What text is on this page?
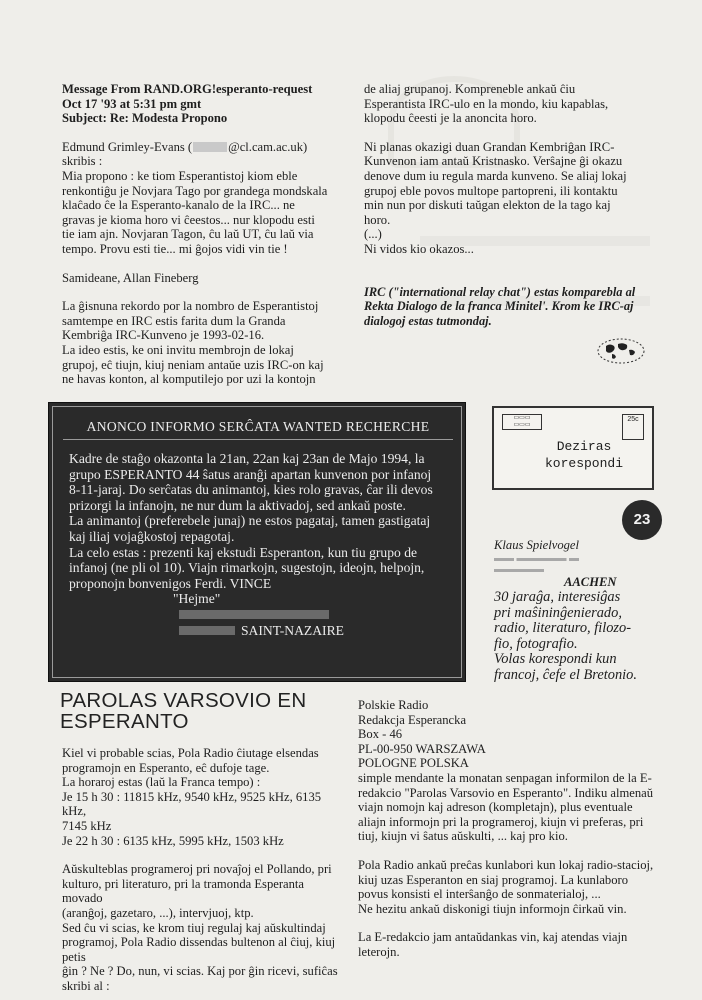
Message From RAND.ORG!esperanto-request

Oct 17 '93 at 5:31 pm gmt

Subject: Re: Modesta Propono

Edmund Grimley-Evans (	@cl.cam.ac.uk)

skribis :

Mia propono : ke tiom Esperantistoj kiom eble

renkontiĝu je Novjara Tago por grandega mondskala

klaĉado ĉe la Esperanto-kanalo de la IRC... ne

gravas je kioma horo vi ĉeestos... nur klopodu esti

tie iam ajn. Novjaran Tagon, ĉu laŭ UT, ĉu laŭ via

tempo. Provu esti tie... mi ĝojos vidi vin tie !

Samideane, Allan Fineberg

La ĝisnuna rekordo por la nombro de Esperantistoj

samtempe en IRC estis farita dum la Granda

Kembriĝa IRC-Kunveno je 1993-02-16.

La ideo estis, ke oni invitu membrojn de lokaj

grupoj, eĉ tiujn, kiuj neniam antaŭe uzis IRC-on kaj

ne havas konton, al komputilejo por uzi la kontojn

de aliaj grupanoj. Kompreneble ankaŭ ĉiu

Esperantista IRC-ulo en la mondo, kiu kapablas,

klopodu ĉeesti je la anoncita horo.

Ni planas okazigi duan Grandan Kembriĝan IRC-

Kunvenon iam antaŭ Kristnasko. Verŝajne ĝi okazu

denove dum iu regula marda kunveno. Se aliaj lokaj

grupoj eble povos multope partopreni, ili kontaktu

min nun por diskuti taŭgan elekton de la tago kaj

horo.

(...)

Ni vidos kio okazos...

IRC ("international relay chat") estas komparebla al

Rekta Dialogo de la franca Minitel'. Krom ke IRC-aj

dialogoj estas tutmondaj.

ANONCO INFORMO SERĈATA WANTED RECHERCHE

Kadre de staĝo okazonta la 21an, 22an kaj 23an de Majo 1994, la

grupo ESPERANTO 44 ŝatus aranĝi apartan kunvenon por infanoj

8-11-jaraj. Do serĉatas du animantoj, kies rolo gravas, ĉar ili devos

prizorgi la infanojn, ne nur dum la aktivadoj, sed ankaŭ poste.

La animantoj (preferebele junaj) ne estos pagataj, tamen gastigataj

kaj iliaj vojaĝkostoj repagotaj.

La celo estas : prezenti kaj ekstudi Esperanton, kun tiu grupo de

infanoj (ne pli ol 10). Viajn rimarkojn, sugestojn, ideojn, helpojn,

proponojn bonvenigos Ferdi. VINCE

"Hejme"

SAINT-NAZAIRE

▭▭▭
▭▭▭
25c
Deziras
korespondi
23

Klaus Spielvogel

▬▬ ▬▬▬▬▬ ▬

▬▬▬▬▬

AACHEN

30 jaraĝa, interesiĝas

pri maŝininĝenierado,

radio, literaturo, filozo-

fio, fotografio.

Volas korespondi kun

francoj, ĉefe el Bretonio.

PAROLAS VARSOVIO EN
ESPERANTO

Kiel vi probable scias, Pola Radio ĉiutage elsendas

programojn en Esperanto, eĉ dufoje tage.

La horaroj estas (laŭ la Franca tempo) :

Je 15 h 30 : 11815 kHz, 9540 kHz, 9525 kHz, 6135 kHz,

7145 kHz

Je 22 h 30 : 6135 kHz, 5995 kHz, 1503 kHz

Aŭskulteblas programeroj pri novaĵoj el Pollando, pri

kulturo, pri literaturo, pri la tramonda Esperanta movado

(aranĝoj, gazetaro, ...), intervjuoj, ktp.

Sed ĉu vi scias, ke krom tiuj regulaj kaj aŭskultindaj

programoj, Pola Radio dissendas bultenon al ĉiuj, kiuj petis

ĝin ? Ne ? Do, nun, vi scias. Kaj por ĝin ricevi, sufiĉas

skribi al :

Polskie Radio

Redakcja Esperancka

Box - 46

PL-00-950 WARSZAWA

POLOGNE POLSKA

simple mendante la monatan senpagan informilon de la E-

redakcio "Parolas Varsovio en Esperanto". Indiku almenaŭ

viajn nomojn kaj adreson (kompletajn), plus eventuale

aliajn informojn pri la programeroj, kiujn vi preferas, pri

tiuj, kiujn vi ŝatus aŭskulti, ... kaj pro kio.

Pola Radio ankaŭ preĉas kunlabori kun lokaj radio-stacioj,

kiuj uzas Esperanton en siaj programoj. La kunlaboro

povus konsisti el interŝanĝo de sonmaterialoj, ...

Ne hezitu ankaŭ diskonigi tiujn informojn ĉirkaŭ vin.

La E-redakcio jam antaŭdankas vin, kaj atendas viajn

leterojn.
